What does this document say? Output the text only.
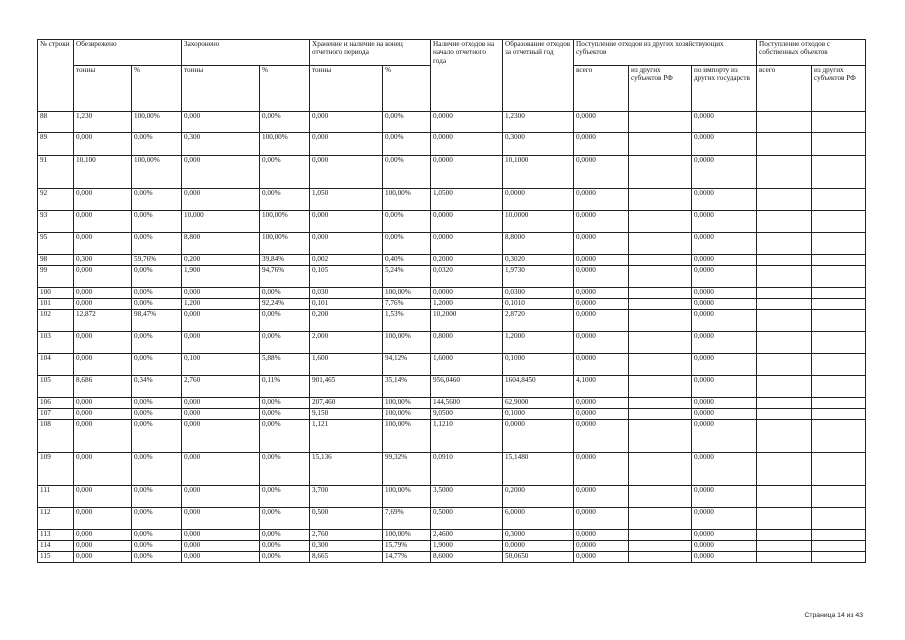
№ строки	Обезврежено		Захоронено		Хранение и наличие на конец отчетного периода		Наличие отходов на начало отчетного года	Образование отходов за отчетный год	Поступление отходов из других хозяйствующих субъектов			Поступление отходов с собственных объектов	
	тонны	%	тонны	%	тонны	%			всего	из других субъектов РФ	по импорту из других государств	всего	из других субъектов РФ
88	1,230	100,00%	0,000	0,00%	0,000	0,00%	0,0000	1,2300	0,0000		0,0000		
89	0,000	0,00%	0,300	100,00%	0,000	0,00%	0,0000	0,3000	0,0000		0,0000		
91	10,100	100,00%	0,000	0,00%	0,000	0,00%	0,0000	10,1000	0,0000		0,0000		
92	0,000	0,00%	0,000	0,00%	1,050	100,00%	1,0500	0,0000	0,0000		0,0000		
93	0,000	0,00%	10,000	100,00%	0,000	0,00%	0,0000	10,0000	0,0000		0,0000		
95	0,000	0,00%	8,800	100,00%	0,000	0,00%	0,0000	8,8000	0,0000		0,0000		
98	0,300	59,76%	0,200	39,84%	0,002	0,40%	0,2000	0,3020	0,0000		0,0000		
99	0,000	0,00%	1,900	94,76%	0,105	5,24%	0,0320	1,9730	0,0000		0,0000		
100	0,000	0,00%	0,000	0,00%	0,030	100,00%	0,0000	0,0300	0,0000		0,0000		
101	0,000	0,00%	1,200	92,24%	0,101	7,76%	1,2000	0,1010	0,0000		0,0000		
102	12,872	98,47%	0,000	0,00%	0,200	1,53%	10,2000	2,8720	0,0000		0,0000		
103	0,000	0,00%	0,000	0,00%	2,000	100,00%	0,8000	1,2000	0,0000		0,0000		
104	0,000	0,00%	0,100	5,88%	1,600	94,12%	1,6000	0,1000	0,0000		0,0000		
105	8,686	0,34%	2,760	0,11%	901,465	35,14%	956,0460	1604,8450	4,1000		0,0000		
106	0,000	0,00%	0,000	0,00%	207,460	100,00%	144,5600	62,9000	0,0000		0,0000		
107	0,000	0,00%	0,000	0,00%	9,150	100,00%	9,0500	0,1000	0,0000		0,0000		
108	0,000	0,00%	0,000	0,00%	1,121	100,00%	1,1210	0,0000	0,0000		0,0000		
109	0,000	0,00%	0,000	0,00%	15,136	99,32%	0,0910	15,1480	0,0000		0,0000		
111	0,000	0,00%	0,000	0,00%	3,700	100,00%	3,5000	0,2000	0,0000		0,0000		
112	0,000	0,00%	0,000	0,00%	0,500	7,69%	0,5000	6,0000	0,0000		0,0000		
113	0,000	0,00%	0,000	0,00%	2,760	100,00%	2,4600	0,3000	0,0000		0,0000		
114	0,000	0,00%	0,000	0,00%	0,300	15,79%	1,9000	0,0000	0,0000		0,0000		
115	0,000	0,00%	0,000	0,00%	8,665	14,77%	8,6000	50,0650	0,0000		0,0000		
Страница 14 из 43
